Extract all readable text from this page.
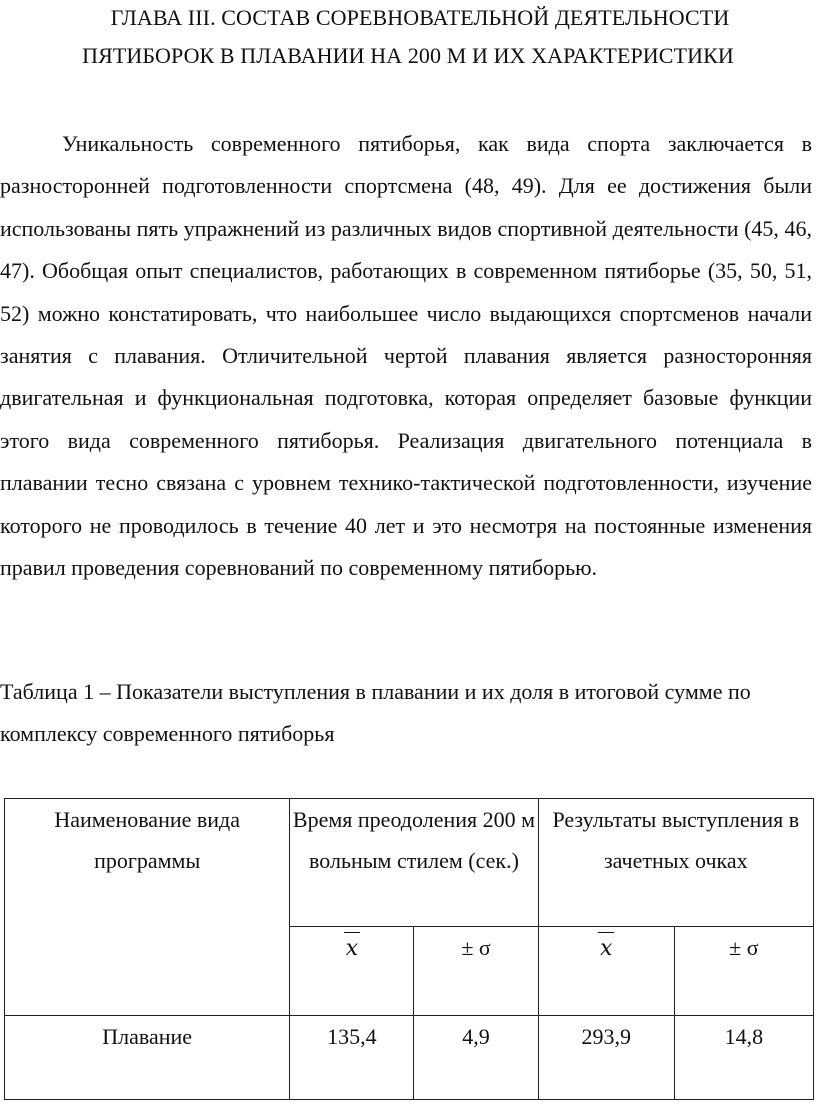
ГЛАВА III. СОСТАВ СОРЕВНОВАТЕЛЬНОЙ ДЕЯТЕЛЬНОСТИ
ПЯТИБОРОК В ПЛАВАНИИ НА 200 М И ИХ ХАРАКТЕРИСТИКИ

Уникальность современного пятиборья, как вида спорта заключается в разносторонней подготовленности спортсмена (48, 49). Для ее достижения были использованы пять упражнений из различных видов спортивной деятельности (45, 46, 47). Обобщая опыт специалистов, работающих в современном пятиборье (35, 50, 51, 52) можно констатировать, что наибольшее число выдающихся спортсменов начали занятия с плавания. Отличительной чертой плавания является разносторонняя двигательная и функциональная подготовка, которая определяет базовые функции этого вида современного пятиборья. Реализация двигательного потенциала в плавании тесно связана с уровнем технико-тактической подготовленности, изучение которого не проводилось в течение 40 лет и это несмотря на постоянные изменения правил проведения соревнований по современному пятиборью.

Таблица 1 – Показатели выступления в плавании и их доля в итоговой сумме по комплексу современного пятиборья

Наименование вида программы	Время преодоления 200 м вольным стилем (сек.)		Результаты выступления в зачетных очках	
	x	± σ	x	± σ
Плавание	135,4	4,9	293,9	14,8
